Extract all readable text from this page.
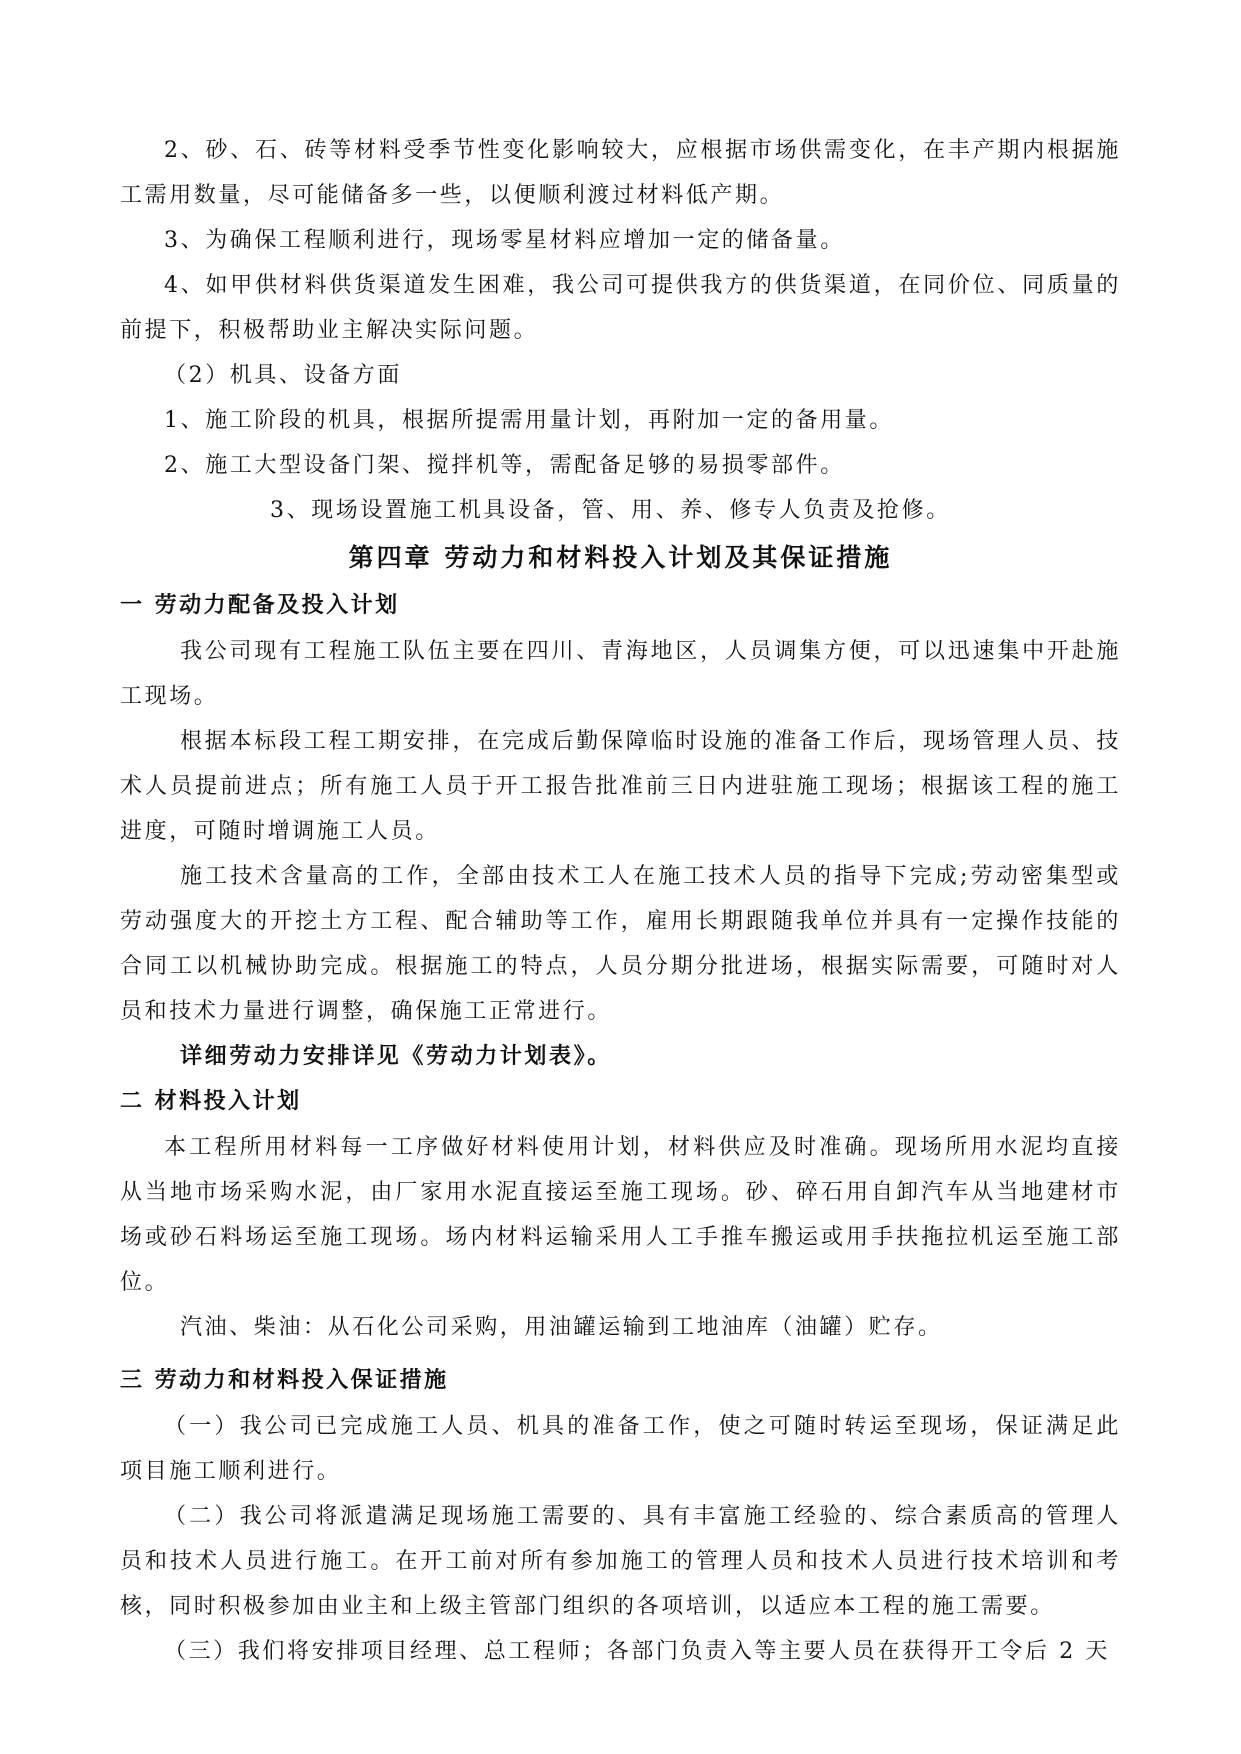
2、砂、石、砖等材料受季节性变化影响较大，应根据市场供需变化，在丰产期内根据施工需用数量，尽可能储备多一些，以便顺利渡过材料低产期。

3、为确保工程顺利进行，现场零星材料应增加一定的储备量。

4、如甲供材料供货渠道发生困难，我公司可提供我方的供货渠道，在同价位、同质量的前提下，积极帮助业主解决实际问题。

（2）机具、设备方面

1、施工阶段的机具，根据所提需用量计划，再附加一定的备用量。

2、施工大型设备门架、搅拌机等，需配备足够的易损零部件。

3、现场设置施工机具设备，管、用、养、修专人负责及抢修。

第四章 劳动力和材料投入计划及其保证措施
一 劳动力配备及投入计划

我公司现有工程施工队伍主要在四川、青海地区，人员调集方便，可以迅速集中开赴施工现场。

根据本标段工程工期安排，在完成后勤保障临时设施的准备工作后，现场管理人员、技术人员提前进点；所有施工人员于开工报告批准前三日内进驻施工现场；根据该工程的施工进度，可随时增调施工人员。

施工技术含量高的工作，全部由技术工人在施工技术人员的指导下完成;劳动密集型或劳动强度大的开挖土方工程、配合辅助等工作，雇用长期跟随我单位并具有一定操作技能的合同工以机械协助完成。根据施工的特点，人员分期分批进场，根据实际需要，可随时对人员和技术力量进行调整，确保施工正常进行。

详细劳动力安排详见《劳动力计划表》。

二 材料投入计划

本工程所用材料每一工序做好材料使用计划，材料供应及时准确。现场所用水泥均直接从当地市场采购水泥，由厂家用水泥直接运至施工现场。砂、碎石用自卸汽车从当地建材市场或砂石料场运至施工现场。场内材料运输采用人工手推车搬运或用手扶拖拉机运至施工部位。

汽油、柴油：从石化公司采购，用油罐运输到工地油库（油罐）贮存。

三 劳动力和材料投入保证措施

（一）我公司已完成施工人员、机具的准备工作，使之可随时转运至现场，保证满足此项目施工顺利进行。

（二）我公司将派遣满足现场施工需要的、具有丰富施工经验的、综合素质高的管理人员和技术人员进行施工。在开工前对所有参加施工的管理人员和技术人员进行技术培训和考核，同时积极参加由业主和上级主管部门组织的各项培训，以适应本工程的施工需要。

（三）我们将安排项目经理、总工程师；各部门负责入等主要人员在获得开工令后 2 天
